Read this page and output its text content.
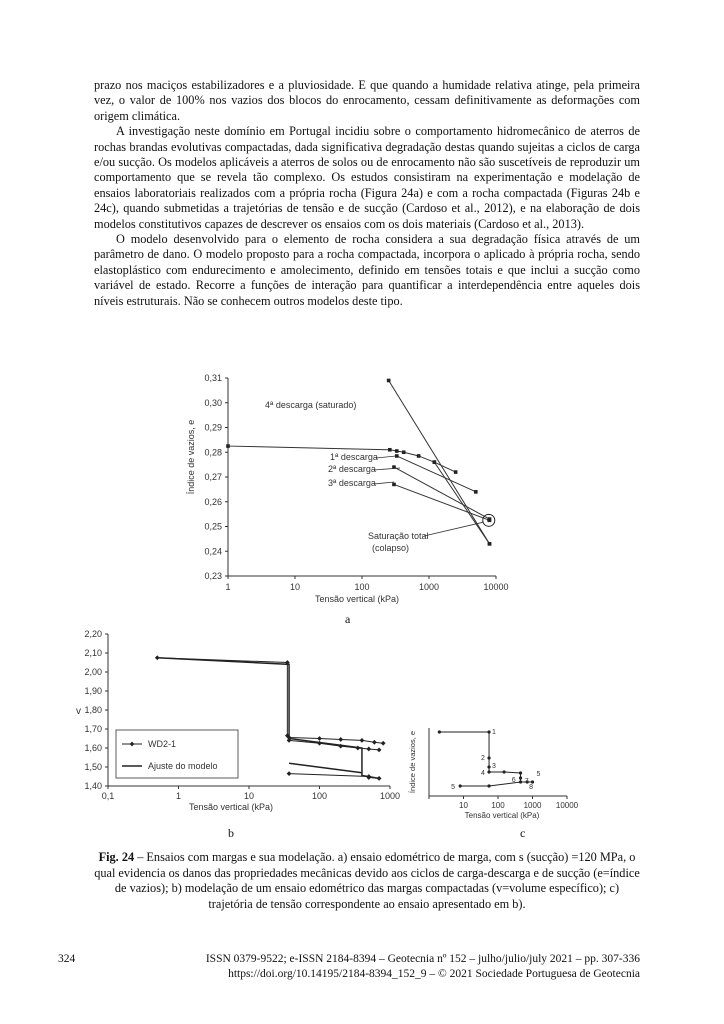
prazo nos maciços estabilizadores e a pluviosidade. E que quando a humidade relativa atinge, pela primeira vez, o valor de 100% nos vazios dos blocos do enrocamento, cessam definitivamente as deformações com origem climática.

A investigação neste domínio em Portugal incidiu sobre o comportamento hidromecânico de aterros de rochas brandas evolutivas compactadas, dada significativa degradação destas quando sujeitas a ciclos de carga e/ou sucção. Os modelos aplicáveis a aterros de solos ou de enrocamento não são suscetíveis de reproduzir um comportamento que se revela tão complexo. Os estudos consistiram na experimentação e modelação de ensaios laboratoriais realizados com a própria rocha (Figura 24a) e com a rocha compactada (Figuras 24b e 24c), quando submetidas a trajetórias de tensão e de sucção (Cardoso et al., 2012), e na elaboração de dois modelos constitutivos capazes de descrever os ensaios com os dois materiais (Cardoso et al., 2013).

O modelo desenvolvido para o elemento de rocha considera a sua degradação física através de um parâmetro de dano. O modelo proposto para a rocha compactada, incorpora o aplicado à própria rocha, sendo elastoplástico com endurecimento e amolecimento, definido em tensões totais e que inclui a sucção como variável de estado. Recorre a funções de interação para quantificar a interdependência entre aqueles dois níveis estruturais. Não se conhecem outros modelos deste tipo.

0,23
0,24
0,25
0,26
0,27
0,28
0,29
0,30
0,31
1	10	100	1000	10000
Tensão vertical (kPa)
Índice de vazios, e
4ª descarga (saturado)
1ª descarga
2ª descarga
3ª descarga
Saturação total
(colapso)
a
1,40
1,50
1,60
1,70
1,80
1,90
2,00
2,10
2,20
0,1	1	10	100	1000
Tensão vertical (kPa)
v
WD2-1
Ajuste do modelo
b
10	100 1000 10000
Tensão vertical (kPa)
Índice de vazios, e	1
2
3
4	5
6 7
8
5
c
Fig. 24 – Ensaios com margas e sua modelação. a) ensaio edométrico de marga, com s (sucção) =120 MPa, o qual evidencia os danos das propriedades mecânicas devido aos ciclos de carga-descarga e de sucção (e=índice de vazios); b) modelação de um ensaio edométrico das margas compactadas (v=volume específico); c) trajetória de tensão correspondente ao ensaio apresentado em b).
324	ISSN 0379-9522; e-ISSN 2184-8394 – Geotecnia nº 152 – julho/julio/july 2021 – pp. 307-336
https://doi.org/10.14195/2184-8394_152_9 – © 2021 Sociedade Portuguesa de Geotecnia
